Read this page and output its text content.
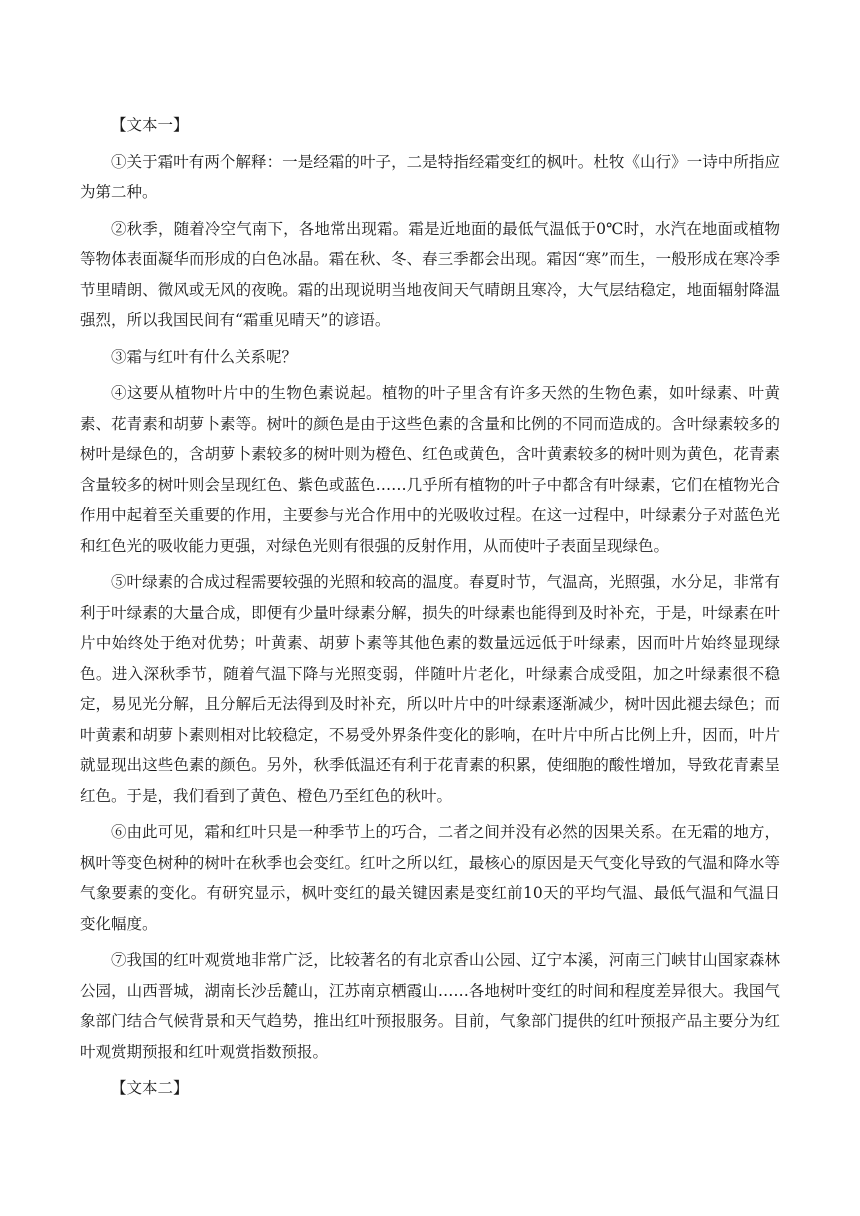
【文本一】

①关于霜叶有两个解释：一是经霜的叶子，二是特指经霜变红的枫叶。杜牧《山行》一诗中所指应为第二种。

②秋季，随着冷空气南下，各地常出现霜。霜是近地面的最低气温低于0℃时，水汽在地面或植物等物体表面凝华而形成的白色冰晶。霜在秋、冬、春三季都会出现。霜因“寒”而生，一般形成在寒冷季节里晴朗、微风或无风的夜晚。霜的出现说明当地夜间天气晴朗且寒冷，大气层结稳定，地面辐射降温强烈，所以我国民间有“霜重见晴天”的谚语。

③霜与红叶有什么关系呢？

④这要从植物叶片中的生物色素说起。植物的叶子里含有许多天然的生物色素，如叶绿素、叶黄素、花青素和胡萝卜素等。树叶的颜色是由于这些色素的含量和比例的不同而造成的。含叶绿素较多的树叶是绿色的，含胡萝卜素较多的树叶则为橙色、红色或黄色，含叶黄素较多的树叶则为黄色，花青素含量较多的树叶则会呈现红色、紫色或蓝色……几乎所有植物的叶子中都含有叶绿素，它们在植物光合作用中起着至关重要的作用，主要参与光合作用中的光吸收过程。在这一过程中，叶绿素分子对蓝色光和红色光的吸收能力更强，对绿色光则有很强的反射作用，从而使叶子表面呈现绿色。

⑤叶绿素的合成过程需要较强的光照和较高的温度。春夏时节，气温高，光照强，水分足，非常有利于叶绿素的大量合成，即便有少量叶绿素分解，损失的叶绿素也能得到及时补充，于是，叶绿素在叶片中始终处于绝对优势；叶黄素、胡萝卜素等其他色素的数量远远低于叶绿素，因而叶片始终显现绿色。进入深秋季节，随着气温下降与光照变弱，伴随叶片老化，叶绿素合成受阻，加之叶绿素很不稳定，易见光分解，且分解后无法得到及时补充，所以叶片中的叶绿素逐渐减少，树叶因此褪去绿色；而叶黄素和胡萝卜素则相对比较稳定，不易受外界条件变化的影响，在叶片中所占比例上升，因而，叶片就显现出这些色素的颜色。另外，秋季低温还有利于花青素的积累，使细胞的酸性增加，导致花青素呈红色。于是，我们看到了黄色、橙色乃至红色的秋叶。

⑥由此可见，霜和红叶只是一种季节上的巧合，二者之间并没有必然的因果关系。在无霜的地方，枫叶等变色树种的树叶在秋季也会变红。红叶之所以红，最核心的原因是天气变化导致的气温和降水等气象要素的变化。有研究显示，枫叶变红的最关键因素是变红前10天的平均气温、最低气温和气温日变化幅度。

⑦我国的红叶观赏地非常广泛，比较著名的有北京香山公园、辽宁本溪，河南三门峡甘山国家森林公园，山西晋城，湖南长沙岳麓山，江苏南京栖霞山……各地树叶变红的时间和程度差异很大。我国气象部门结合气候背景和天气趋势，推出红叶预报服务。目前，气象部门提供的红叶预报产品主要分为红叶观赏期预报和红叶观赏指数预报。

【文本二】
